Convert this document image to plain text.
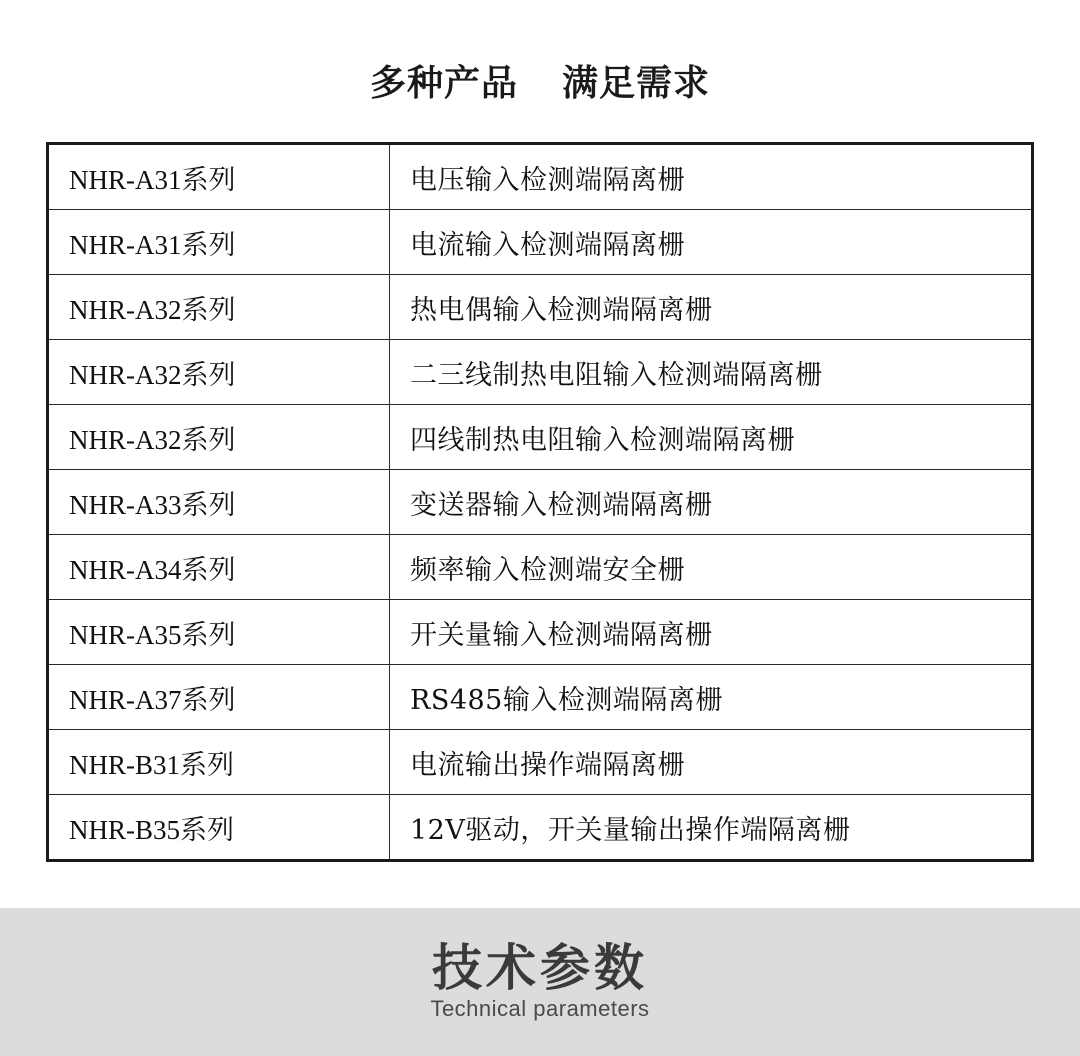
多种产品    满足需求
NHR-A31系列	电压输入检测端隔离栅
NHR-A31系列	电流输入检测端隔离栅
NHR-A32系列	热电偶输入检测端隔离栅
NHR-A32系列	二三线制热电阻输入检测端隔离栅
NHR-A32系列	四线制热电阻输入检测端隔离栅
NHR-A33系列	变送器输入检测端隔离栅
NHR-A34系列	频率输入检测端安全栅
NHR-A35系列	开关量输入检测端隔离栅
NHR-A37系列	RS485输入检测端隔离栅
NHR-B31系列	电流输出操作端隔离栅
NHR-B35系列	12V驱动，开关量输出操作端隔离栅
技术参数
Technical parameters
